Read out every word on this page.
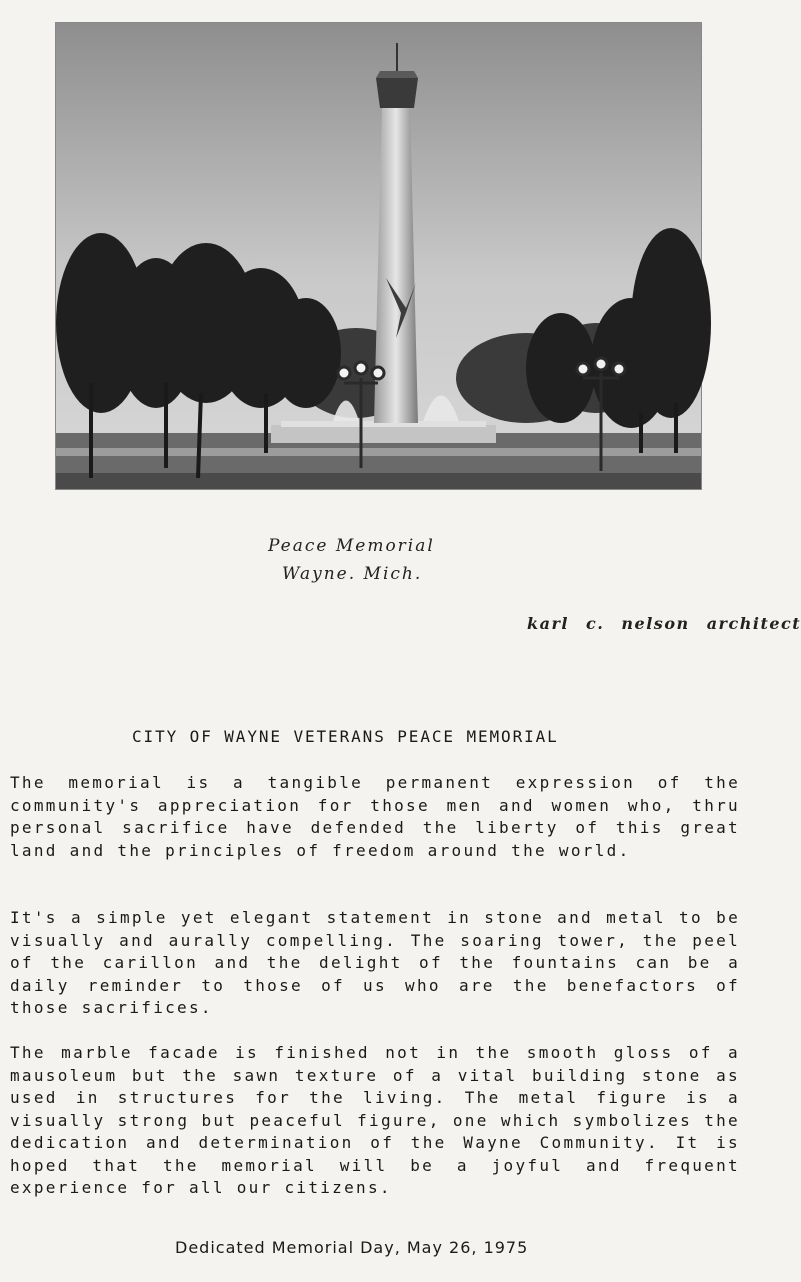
Peace Memorial
Wayne. Mich.
karl c. nelson architect
CITY OF WAYNE VETERANS PEACE MEMORIAL
The memorial is a tangible permanent expression of the community's appreciation for those men and women who, thru personal sacrifice have defended the liberty of this great land and the principles of freedom around the world.
It's a simple yet elegant statement in stone and metal to be visually and aurally compelling. The soaring tower, the peel of the carillon and the delight of the fountains can be a daily reminder to those of us who are the benefactors of those sacrifices.
The marble facade is finished not in the smooth gloss of a mausoleum but the sawn texture of a vital building stone as used in structures for the living. The metal figure is a visually strong but peaceful figure, one which symbolizes the dedication and determination of the Wayne Community. It is hoped that the memorial will be a joyful and frequent experience for all our citizens.
Dedicated Memorial Day, May 26, 1975
